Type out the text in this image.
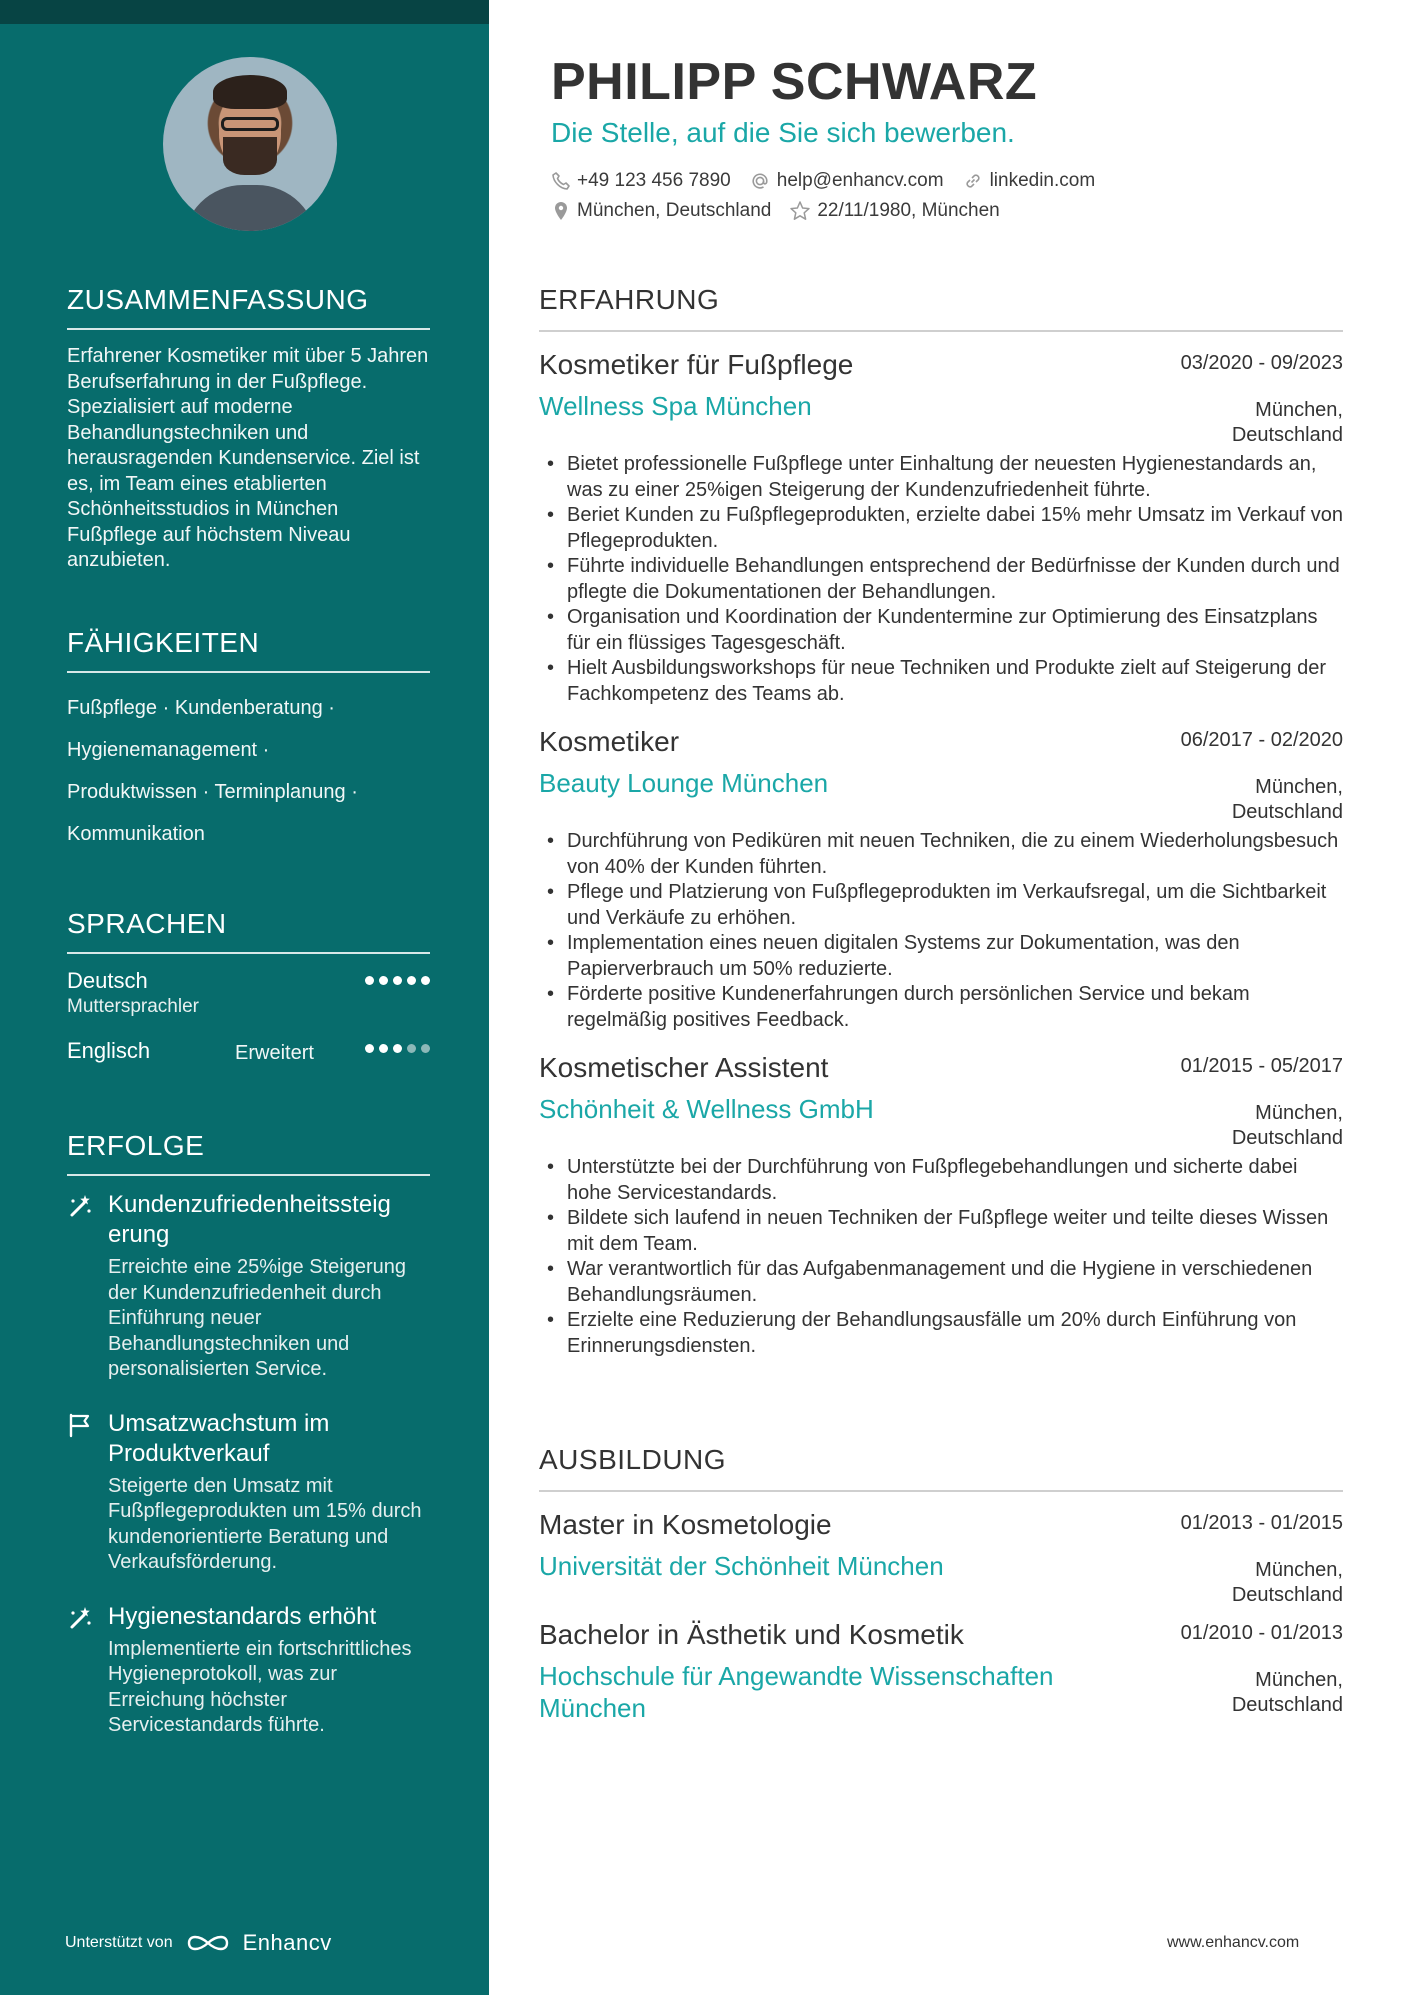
ZUSAMMENFASSUNG
Erfahrener Kosmetiker mit über 5 Jahren Berufserfahrung in der Fußpflege. Spezialisiert auf moderne Behandlungstechniken und herausragenden Kundenservice. Ziel ist es, im Team eines etablierten Schönheitsstudios in München Fußpflege auf höchstem Niveau anzubieten.
FÄHIGKEITEN
Fußpflege · Kundenberatung ·
Hygienemanagement ·
Produktwissen · Terminplanung ·
Kommunikation
SPRACHEN
Deutsch
Muttersprachler
Englisch	Erweitert
ERFOLGE
Kundenzufriedenheitssteig erung
Erreichte eine 25%ige Steigerung der Kundenzufriedenheit durch Einführung neuer Behandlungstechniken und personalisierten Service.
Umsatzwachstum im Produktverkauf
Steigerte den Umsatz mit Fußpflegeprodukten um 15% durch kundenorientierte Beratung und Verkaufsförderung.
Hygienestandards erhöht
Implementierte ein fortschrittliches Hygieneprotokoll, was zur Erreichung höchster Servicestandards führte.
Unterstützt von	Enhancv
PHILIPP SCHWARZ
Die Stelle, auf die Sie sich bewerben.
+49 123 456 7890 help@enhancv.com linkedin.com
München, Deutschland 22/11/1980, München
ERFAHRUNG
Kosmetiker für Fußpflege	03/2020 - 09/2023
Wellness Spa München	München, Deutschland
• Bietet professionelle Fußpflege unter Einhaltung der neuesten Hygienestandards an, was zu einer 25%igen Steigerung der Kundenzufriedenheit führte.
• Beriet Kunden zu Fußpflegeprodukten, erzielte dabei 15% mehr Umsatz im Verkauf von Pflegeprodukten.
• Führte individuelle Behandlungen entsprechend der Bedürfnisse der Kunden durch und pflegte die Dokumentationen der Behandlungen.
• Organisation und Koordination der Kundentermine zur Optimierung des Einsatzplans für ein flüssiges Tagesgeschäft.
• Hielt Ausbildungsworkshops für neue Techniken und Produkte zielt auf Steigerung der Fachkompetenz des Teams ab.
Kosmetiker	06/2017 - 02/2020
Beauty Lounge München	München, Deutschland
• Durchführung von Pediküren mit neuen Techniken, die zu einem Wiederholungsbesuch von 40% der Kunden führten.
• Pflege und Platzierung von Fußpflegeprodukten im Verkaufsregal, um die Sichtbarkeit und Verkäufe zu erhöhen.
• Implementation eines neuen digitalen Systems zur Dokumentation, was den Papierverbrauch um 50% reduzierte.
• Förderte positive Kundenerfahrungen durch persönlichen Service und bekam regelmäßig positives Feedback.
Kosmetischer Assistent	01/2015 - 05/2017
Schönheit & Wellness GmbH	München, Deutschland
• Unterstützte bei der Durchführung von Fußpflegebehandlungen und sicherte dabei hohe Servicestandards.
• Bildete sich laufend in neuen Techniken der Fußpflege weiter und teilte dieses Wissen mit dem Team.
• War verantwortlich für das Aufgabenmanagement und die Hygiene in verschiedenen Behandlungsräumen.
• Erzielte eine Reduzierung der Behandlungsausfälle um 20% durch Einführung von Erinnerungsdiensten.
AUSBILDUNG
Master in Kosmetologie	01/2013 - 01/2015
Universität der Schönheit München	München, Deutschland
Bachelor in Ästhetik und Kosmetik	01/2010 - 01/2013
Hochschule für Angewandte Wissenschaften München
München, Deutschland
www.enhancv.com
